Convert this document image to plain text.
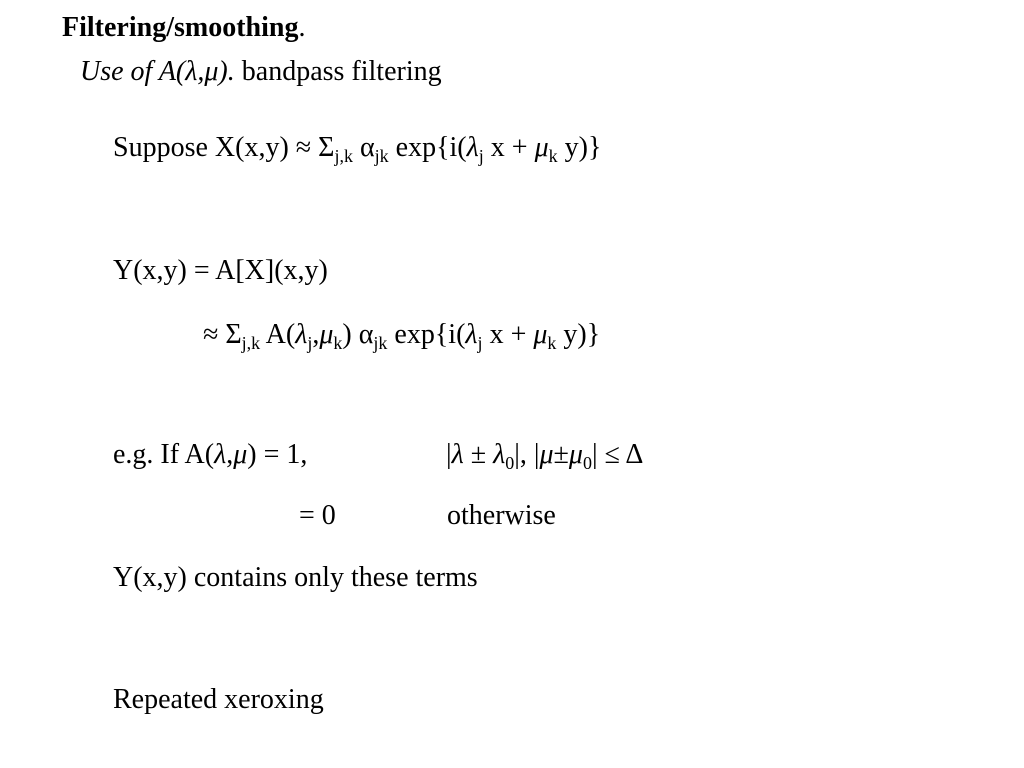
Filtering/smoothing.
Use of A(λ,μ). bandpass filtering
Suppose $X(x,y) \approx \Sigma_{j,k}$ $\alpha_{jk}$ $\exp\{i(\lambda_j$ $x + \mu_k$ y)}
Y(x,y) = A[X](x,y)
≈ $\Sigma_{j,k}$ $A(\lambda_j,\mu_k)$ $\alpha_{jk}$ $\exp\{i(\lambda_j$ $x + \mu_k$ y)}
e.g. If A(λ,μ) = 1,	$|\lambda \pm \lambda_0|$, $|\mu\pm\mu_0| \le \Delta$
= 0	otherwise
Y(x,y) contains only these terms
Repeated xeroxing
